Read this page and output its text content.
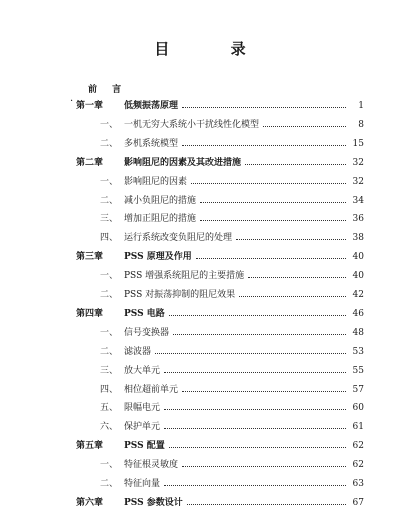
目 录
前 言
· 第一章 低频振荡原理	1
一、 一机无穷大系统小干扰线性化模型	8
二、 多机系统模型	15
第二章 影响阻尼的因素及其改进措施	32
一、 影响阻尼的因素	32
二、 减小负阻尼的措施	34
三、 增加正阻尼的措施	36
四、 运行系统改变负阻尼的处理	38
第三章 PSS 原理及作用	40
一、 PSS 增强系统阻尼的主要措施	40
二、 PSS 对振荡抑制的阻尼效果	42
第四章 PSS 电路	46
一、 信号变换器	48
二、 滤波器	53
三、 放大单元	55
四、 相位超前单元	57
五、 限幅电元	60
六、 保护单元	61
第五章 PSS 配置	62
一、 特征根灵敏度	62
二、 特征向量	63
第六章 PSS 参数设计	67
